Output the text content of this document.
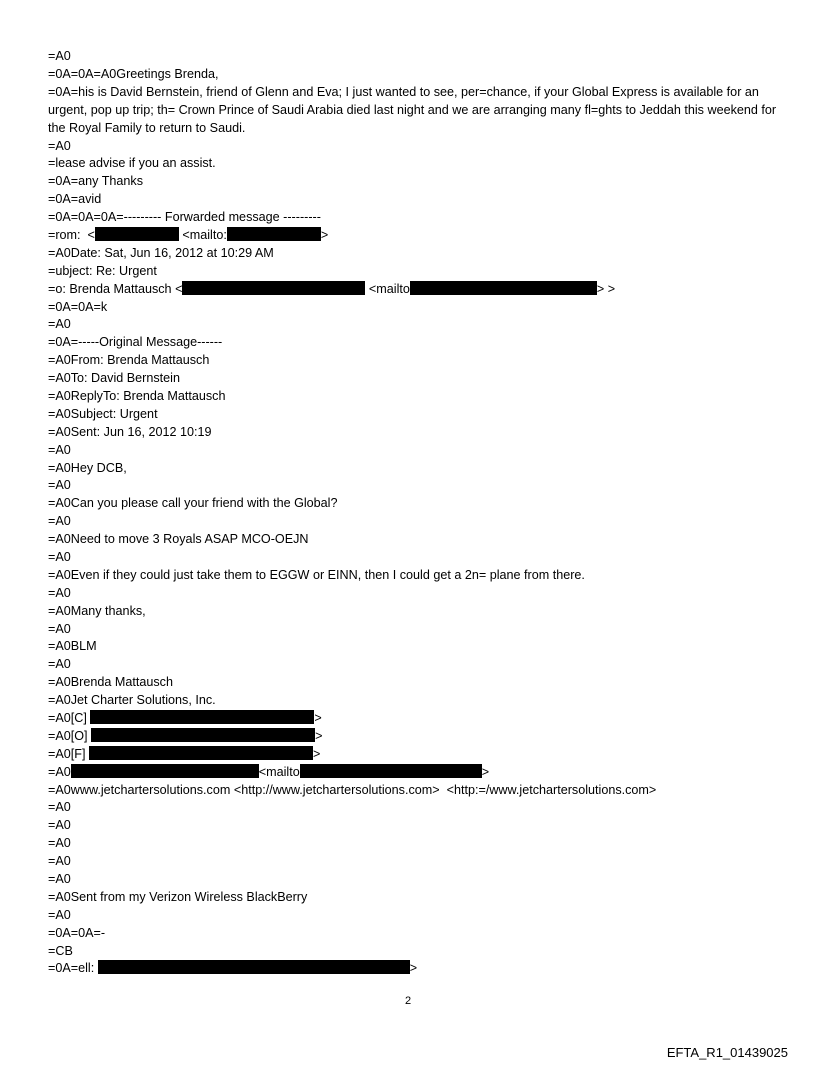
=A0
=0A=0A=A0Greetings Brenda,
=0A=his is David Bernstein, friend of Glenn and Eva; I just wanted to see, per=chance, if your Global Express is available for an urgent, pop up trip; th= Crown Prince of Saudi Arabia died last night and we are arranging many fl=ghts to Jeddah this weekend for the Royal Family to return to Saudi.
=A0
=lease advise if you an assist.
=0A=any Thanks
=0A=avid
=0A=0A=0A=--------- Forwarded message ---------
=rom:  <	<mailto:	>
=A0Date: Sat, Jun 16, 2012 at 10:29 AM
=ubject: Re: Urgent
=o: Brenda Mattausch <	<mailto	> >
=0A=0A=k
=A0
=0A=-----Original Message------
=A0From: Brenda Mattausch
=A0To: David Bernstein
=A0ReplyTo: Brenda Mattausch
=A0Subject: Urgent
=A0Sent: Jun 16, 2012 10:19
=A0
=A0Hey DCB,
=A0
=A0Can you please call your friend with the Global?
=A0
=A0Need to move 3 Royals ASAP MCO-OEJN
=A0
=A0Even if they could just take them to EGGW or EINN, then I could get a 2n= plane from there.
=A0
=A0Many thanks,
=A0
=A0BLM
=A0
=A0Brenda Mattausch
=A0Jet Charter Solutions, Inc.
=A0[C]	>
=A0[O]	>
=A0[F]	>
=A0	<mailto	>
=A0www.jetchartersolutions.com <http://www.jetchartersolutions.com>  <http:=/www.jetchartersolutions.com>
=A0
=A0
=A0
=A0
=A0
=A0Sent from my Verizon Wireless BlackBerry
=A0
=0A=0A=-
=CB
=0A=ell:	>
2
EFTA_R1_01439025
